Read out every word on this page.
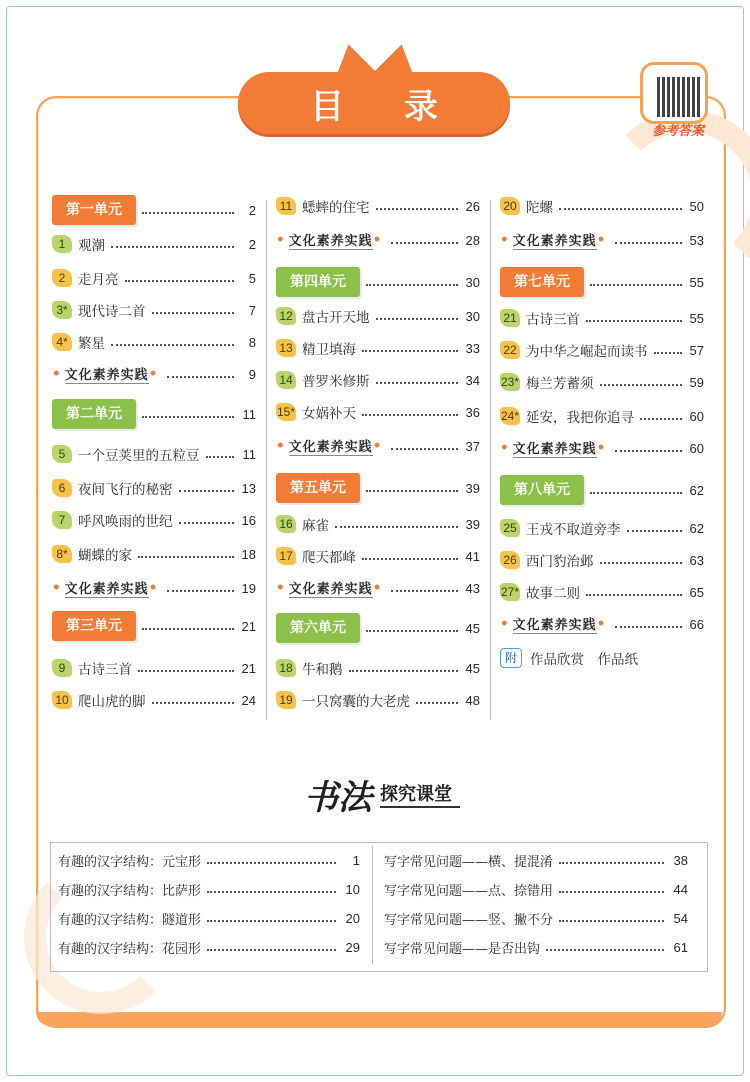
目 录
参考答案
第一单元	2
1 观潮	2
2 走月亮	5
3* 现代诗二首	7
4* 繁星	8
• 文化素养实践 •	9
第二单元	11
5 一个豆荚里的五粒豆	11
6 夜间飞行的秘密	13
7 呼风唤雨的世纪	16
8* 蝴蝶的家	18
• 文化素养实践 •	19
第三单元	21
9 古诗三首	21
10 爬山虎的脚	24
11 蟋蟀的住宅	26
• 文化素养实践 •	28
第四单元	30
12 盘古开天地	30
13 精卫填海	33
14 普罗米修斯	34
15* 女娲补天	36
• 文化素养实践 •	37
第五单元	39
16 麻雀	39
17 爬天都峰	41
• 文化素养实践 •	43
第六单元	45
18 牛和鹅	45
19 一只窝囊的大老虎	48
20 陀螺	50
• 文化素养实践 •	53
第七单元	55
21 古诗三首	55
22 为中华之崛起而读书	57
23* 梅兰芳蓄须	59
24* 延安，我把你追寻	60
• 文化素养实践 •	60
第八单元	62
25 王戎不取道旁李	62
26 西门豹治邺	63
27* 故事二则	65
• 文化素养实践 •	66
附 作品欣赏　作品纸
书法 探究课堂
有趣的汉字结构：元宝形	1
有趣的汉字结构：比萨形	10
有趣的汉字结构：隧道形	20
有趣的汉字结构：花园形	29
写字常见问题——横、提混淆	38
写字常见问题——点、捺错用	44
写字常见问题——竖、撇不分	54
写字常见问题——是否出钩	61
